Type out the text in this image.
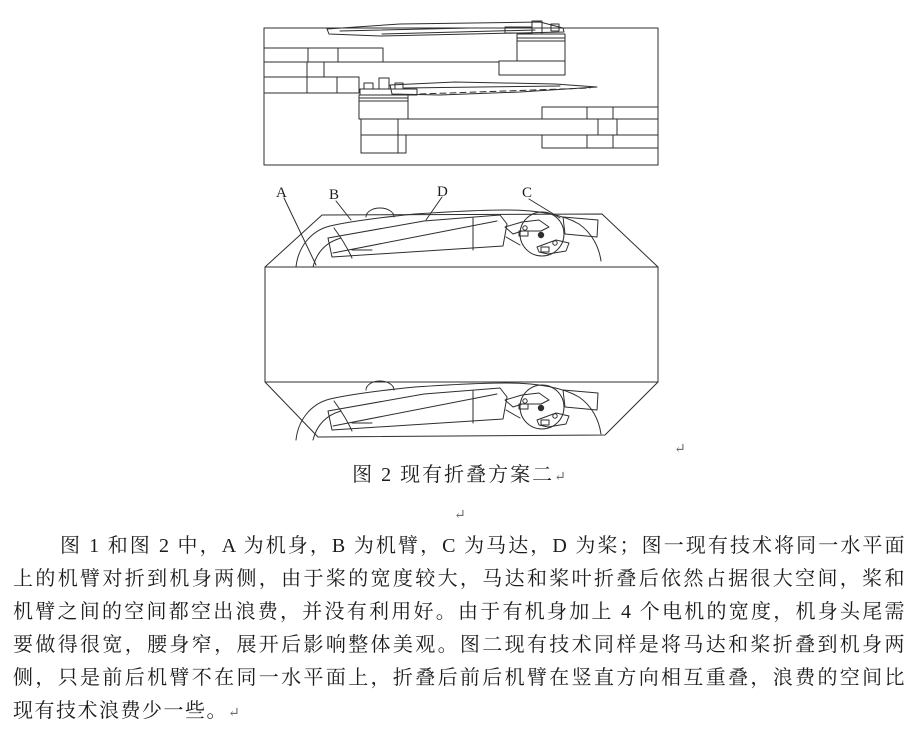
A	B	D	C
↵
图 2 现有折叠方案二↵
↵
图 1 和图 2 中，A 为机身，B 为机臂，C 为马达，D 为桨；图一现有技术将同一水平面
上的机臂对折到机身两侧，由于桨的宽度较大，马达和桨叶折叠后依然占据很大空间，桨和
机臂之间的空间都空出浪费，并没有利用好。由于有机身加上 4 个电机的宽度，机身头尾需
要做得很宽，腰身窄，展开后影响整体美观。图二现有技术同样是将马达和桨折叠到机身两
侧，只是前后机臂不在同一水平面上，折叠后前后机臂在竖直方向相互重叠，浪费的空间比
现有技术浪费少一些。↵
